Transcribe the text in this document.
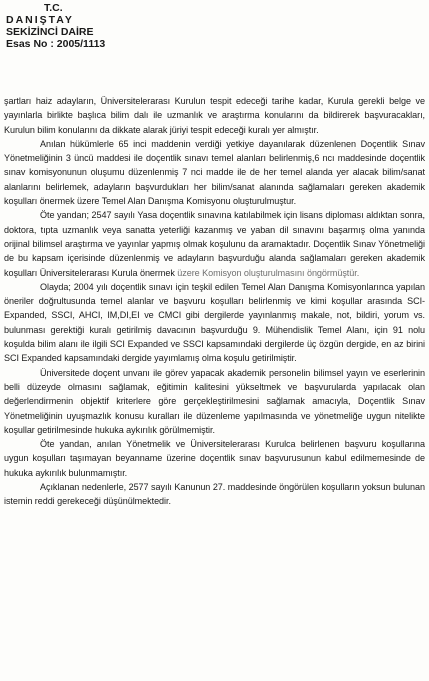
T.C.
DANIŞTAY
SEKİZİNCİ DAİRE
Esas No : 2005/1113

şartları haiz adayların, Üniversitelerarası Kurulun tespit edeceği tarihe kadar, Kurula gerekli belge ve yayınlarla birlikte başlıca bilim dalı ile uzmanlık ve araştırma konularını da bildirerek başvuracakları, Kurulun bilim konularını da dikkate alarak jüriyi tespit edeceği kuralı yer almıştır.

Anılan hükümlerle 65 inci maddenin verdiği yetkiye dayanılarak düzenlenen Doçentlik Sınav Yönetmeliğinin 3 üncü maddesi ile doçentlik sınavı temel alanları belirlenmiş,6 ncı maddesinde doçentlik sınav komisyonunun oluşumu düzenlenmiş 7 nci madde ile de her temel alanda yer alacak bilim/sanat alanlarını belirlemek, adayların başvurdukları her bilim/sanat alanında sağlamaları gereken akademik koşulları önermek üzere Temel Alan Danışma Komisyonu oluşturulmuştur.

Öte yandan; 2547 sayılı Yasa doçentlik sınavına katılabilmek için lisans diploması aldıktan sonra, doktora, tıpta uzmanlık veya sanatta yeterliği kazanmış ve yaban dil sınavını başarmış olma yanında orijinal bilimsel araştırma ve yayınlar yapmış olmak koşulunu da aramaktadır. Doçentlik Sınav Yönetmeliği de bu kapsam içerisinde düzenlenmiş ve adayların başvurduğu alanda sağlamaları gereken akademik koşulları Üniversitelerarası Kurula önermek üzere Komisyon oluşturulmasını öngörmüştür.

Olayda; 2004 yılı doçentlik sınavı için teşkil edilen Temel Alan Danışma Komisyonlarınca yapılan öneriler doğrultusunda temel alanlar ve başvuru koşulları belirlenmiş ve kimi koşullar arasında SCI-Expanded, SSCI, AHCI, IM,DI,EI ve CMCI gibi dergilerde yayınlanmış makale, not, bildiri, yorum vs. bulunması gerektiği kuralı getirilmiş davacının başvurduğu 9. Mühendislik Temel Alanı, için 91 nolu koşulda bilim alanı ile ilgili SCI Expanded ve SSCI kapsamındaki dergilerde üç özgün dergide, en az birini SCI Expanded kapsamındaki dergide yayımlamış olma koşulu getirilmiştir.

Üniversitede doçent unvanı ile görev yapacak akademik personelin bilimsel yayın ve eserlerinin belli düzeyde olmasını sağlamak, eğitimin kalitesini yükseltmek ve başvurularda yapılacak olan değerlendirmenin objektif kriterlere göre gerçekleştirilmesini sağlamak amacıyla, Doçentlik Sınav Yönetmeliğinin uyuşmazlık konusu kuralları ile düzenleme yapılmasında ve yönetmeliğe uygun nitelikte koşullar getirilmesinde hukuka aykırılık görülmemiştir.

Öte yandan, anılan Yönetmelik ve Üniversitelerarası Kurulca belirlenen başvuru koşullarına uygun koşulları taşımayan beyanname üzerine doçentlik sınav başvurusunun kabul edilmemesinde de hukuka aykırılık bulunmamıştır.

Açıklanan nedenlerle, 2577 sayılı Kanunun 27. maddesinde öngörülen koşulların yoksun bulunan istemin reddi gerekeceği düşünülmektedir.
